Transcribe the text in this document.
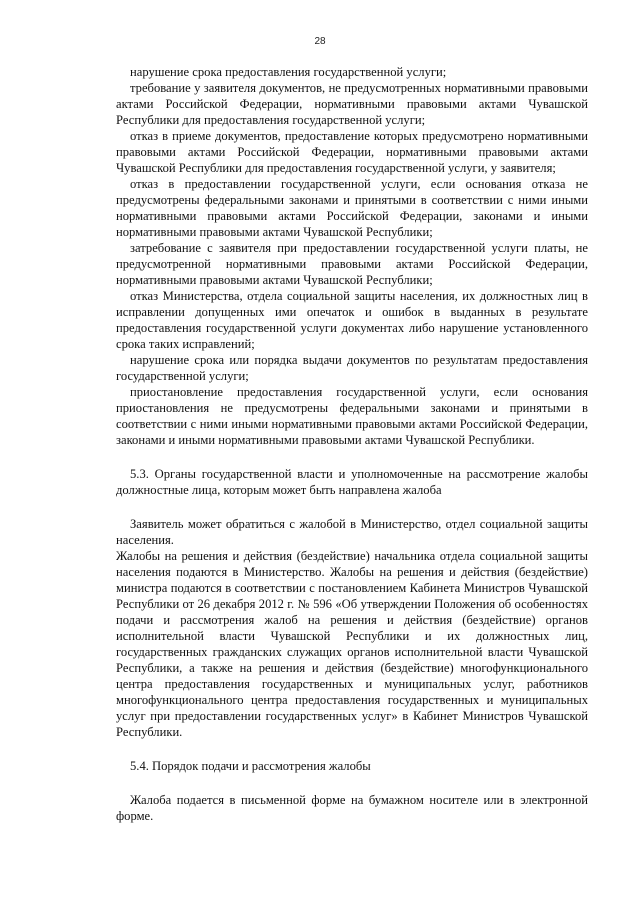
28

нарушение срока предоставления государственной услуги;

требование у заявителя документов, не предусмотренных нормативными правовыми актами Российской Федерации, нормативными правовыми актами Чувашской Республики для предоставления государственной услуги;

отказ в приеме документов, предоставление которых предусмотрено нормативными правовыми актами Российской Федерации, нормативными правовыми актами Чувашской Республики для предоставления государственной услуги, у заявителя;

отказ в предоставлении государственной услуги, если основания отказа не предусмотрены федеральными законами и принятыми в соответствии с ними иными нормативными правовыми актами Российской Федерации, законами и иными нормативными правовыми актами Чувашской Республики;

затребование с заявителя при предоставлении государственной услуги платы, не предусмотренной нормативными правовыми актами Российской Федерации, нормативными правовыми актами Чувашской Республики;

отказ Министерства, отдела социальной защиты населения, их должностных лиц в исправлении допущенных ими опечаток и ошибок в выданных в результате предоставления государственной услуги документах либо нарушение установленного срока таких исправлений;

нарушение срока или порядка выдачи документов по результатам предоставления государственной услуги;

приостановление предоставления государственной услуги, если основания приостановления не предусмотрены федеральными законами и принятыми в соответствии с ними иными нормативными правовыми актами Российской Федерации, законами и иными нормативными правовыми актами Чувашской Республики.

5.3. Органы государственной власти и уполномоченные на рассмотрение жалобы должностные лица, которым может быть направлена жалоба

Заявитель может обратиться с жалобой в Министерство, отдел социальной защиты населения.

Жалобы на решения и действия (бездействие) начальника отдела социальной защиты населения подаются в Министерство. Жалобы на решения и действия (бездействие) министра подаются в соответствии с постановлением Кабинета Министров Чувашской Республики от 26 декабря 2012 г. № 596 «Об утверждении Положения об особенностях подачи и рассмотрения жалоб на решения и действия (бездействие) органов исполнительной власти Чувашской Республики и их должностных лиц, государственных гражданских служащих органов исполнительной власти Чувашской Республики, а также на решения и действия (бездействие) многофункционального центра предоставления государственных и муниципальных услуг, работников многофункционального центра предоставления государственных и муниципальных услуг при предоставлении государственных услуг» в Кабинет Министров Чувашской Республики.

5.4. Порядок подачи и рассмотрения жалобы

Жалоба подается в письменной форме на бумажном носителе или в электронной форме.
